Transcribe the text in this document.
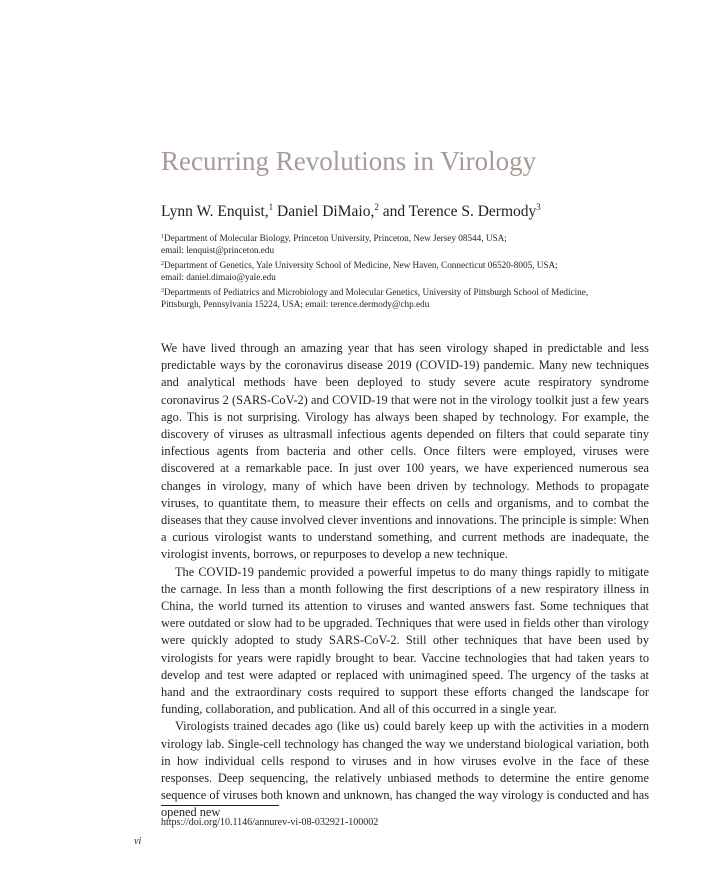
Recurring Revolutions in Virology
Lynn W. Enquist,$^1$ Daniel DiMaio,$^2$ and Terence S. Dermody$^3$
$^1$Department of Molecular Biology, Princeton University, Princeton, New Jersey 08544, USA;
email: lenquist@princeton.edu
$^2$Department of Genetics, Yale University School of Medicine, New Haven, Connecticut 06520-8005, USA;
email: daniel.dimaio@yale.edu
$^3$Departments of Pediatrics and Microbiology and Molecular Genetics, University of Pittsburgh School of Medicine,
Pittsburgh, Pennsylvania 15224, USA; email: terence.dermody@chp.edu

We have lived through an amazing year that has seen virology shaped in predictable and less predictable ways by the coronavirus disease 2019 (COVID-19) pandemic. Many new techniques and analytical methods have been deployed to study severe acute respiratory syndrome coronavirus 2 (SARS-CoV-2) and COVID-19 that were not in the virology toolkit just a few years ago. This is not surprising. Virology has always been shaped by technology. For example, the discovery of viruses as ultrasmall infectious agents depended on filters that could separate tiny infectious agents from bacteria and other cells. Once filters were employed, viruses were discovered at a remarkable pace. In just over 100 years, we have experienced numerous sea changes in virology, many of which have been driven by technology. Methods to propagate viruses, to quantitate them, to measure their effects on cells and organisms, and to combat the diseases that they cause involved clever inventions and innovations. The principle is simple: When a curious virologist wants to understand something, and current methods are inadequate, the virologist invents, borrows, or repurposes to develop a new technique.

The COVID-19 pandemic provided a powerful impetus to do many things rapidly to mitigate the carnage. In less than a month following the first descriptions of a new respiratory illness in China, the world turned its attention to viruses and wanted answers fast. Some techniques that were outdated or slow had to be upgraded. Techniques that were used in fields other than virology were quickly adopted to study SARS-CoV-2. Still other techniques that have been used by virologists for years were rapidly brought to bear. Vaccine technologies that had taken years to develop and test were adapted or replaced with unimagined speed. The urgency of the tasks at hand and the extraordinary costs required to support these efforts changed the landscape for funding, collaboration, and publication. And all of this occurred in a single year.

Virologists trained decades ago (like us) could barely keep up with the activities in a modern virology lab. Single-cell technology has changed the way we understand biological variation, both in how individual cells respond to viruses and in how viruses evolve in the face of these responses. Deep sequencing, the relatively unbiased methods to determine the entire genome sequence of viruses both known and unknown, has changed the way virology is conducted and has opened new

https://doi.org/10.1146/annurev-vi-08-032921-100002
vi
